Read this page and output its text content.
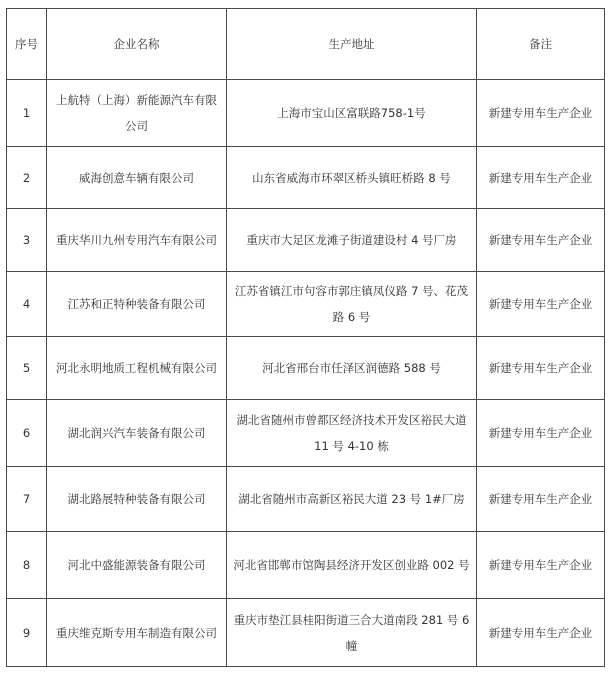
序号	企业名称	生产地址	备注
1	上航特（上海）新能源汽车有限公司	上海市宝山区富联路758-1号	新建专用车生产企业
2	威海创意车辆有限公司	山东省威海市环翠区桥头镇旺桥路 8 号	新建专用车生产企业
3	重庆华川九州专用汽车有限公司	重庆市大足区龙滩子街道建设村 4 号厂房	新建专用车生产企业
4	江苏和正特种装备有限公司	江苏省镇江市句容市郭庄镇凤仪路 7 号、花茂路 6 号	新建专用车生产企业
5	河北永明地质工程机械有限公司	河北省邢台市任泽区润德路 588 号	新建专用车生产企业
6	湖北润兴汽车装备有限公司	湖北省随州市曾都区经济技术开发区裕民大道 11 号 4-10 栋	新建专用车生产企业
7	湖北路展特种装备有限公司	湖北省随州市高新区裕民大道 23 号 1#厂房	新建专用车生产企业
8	河北中盛能源装备有限公司	河北省邯郸市馆陶县经济开发区创业路 002 号	新建专用车生产企业
9	重庆维克斯专用车制造有限公司	重庆市垫江县桂阳街道三合大道南段 281 号 6 幢	新建专用车生产企业
